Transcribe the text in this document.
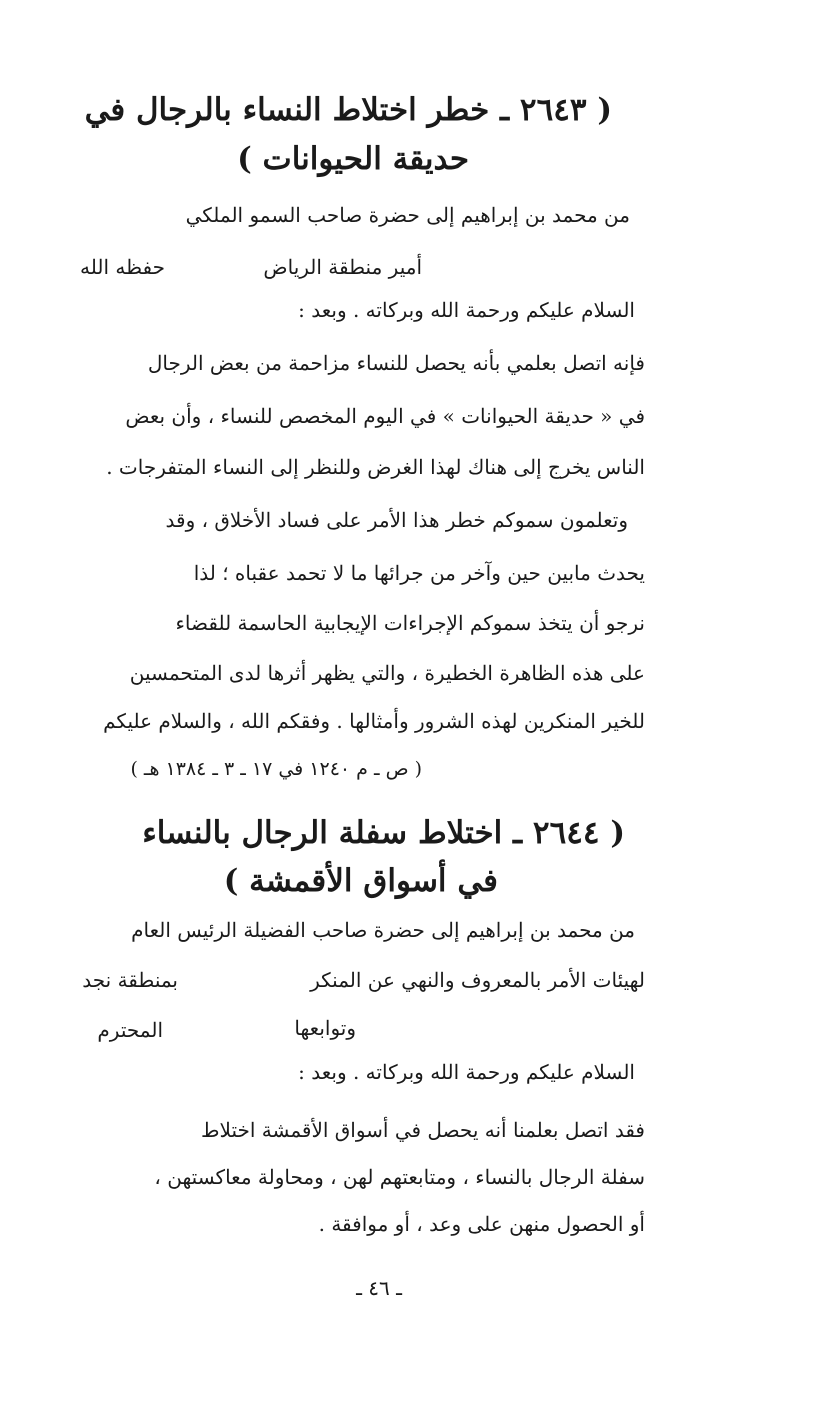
( ٢٦٤٣ ـ خطر اختلاط النساء بالرجال في
حديقة الحيوانات )
من محمد بن إبراهيم إلى حضرة صاحب السمو الملكي
أمير منطقة الرياض
حفظه الله
السلام عليكم ورحمة الله وبركاته . وبعد :
فإنه اتصل بعلمي بأنه يحصل للنساء مزاحمة من بعض الرجال
في « حديقة الحيوانات » في اليوم المخصص للنساء ، وأن بعض
الناس يخرج إلى هناك لهذا الغرض وللنظر إلى النساء المتفرجات .
وتعلمون سموكم خطر هذا الأمر على فساد الأخلاق ، وقد
يحدث مابين حين وآخر من جرائها ما لا تحمد عقباه ؛ لذا
نرجو أن يتخذ سموكم الإجراءات الإيجابية الحاسمة للقضاء
على هذه الظاهرة الخطيرة ، والتي يظهر أثرها لدى المتحمسين
للخير المنكرين لهذه الشرور وأمثالها . وفقكم الله ، والسلام عليكم
( ص ـ م ١٢٤٠ في ١٧ ـ ٣ ـ ١٣٨٤ هـ )
( ٢٦٤٤ ـ اختلاط سفلة الرجال بالنساء
في أسواق الأقمشة )
من محمد بن إبراهيم إلى حضرة صاحب الفضيلة الرئيس العام
لهيئات الأمر بالمعروف والنهي عن المنكر
بمنطقة نجد
وتوابعها
المحترم
السلام عليكم ورحمة الله وبركاته . وبعد :
فقد اتصل بعلمنا أنه يحصل في أسواق الأقمشة اختلاط
سفلة الرجال بالنساء ، ومتابعتهم لهن ، ومحاولة معاكستهن ،
أو الحصول منهن على وعد ، أو موافقة .
ـ ٤٦ ـ
